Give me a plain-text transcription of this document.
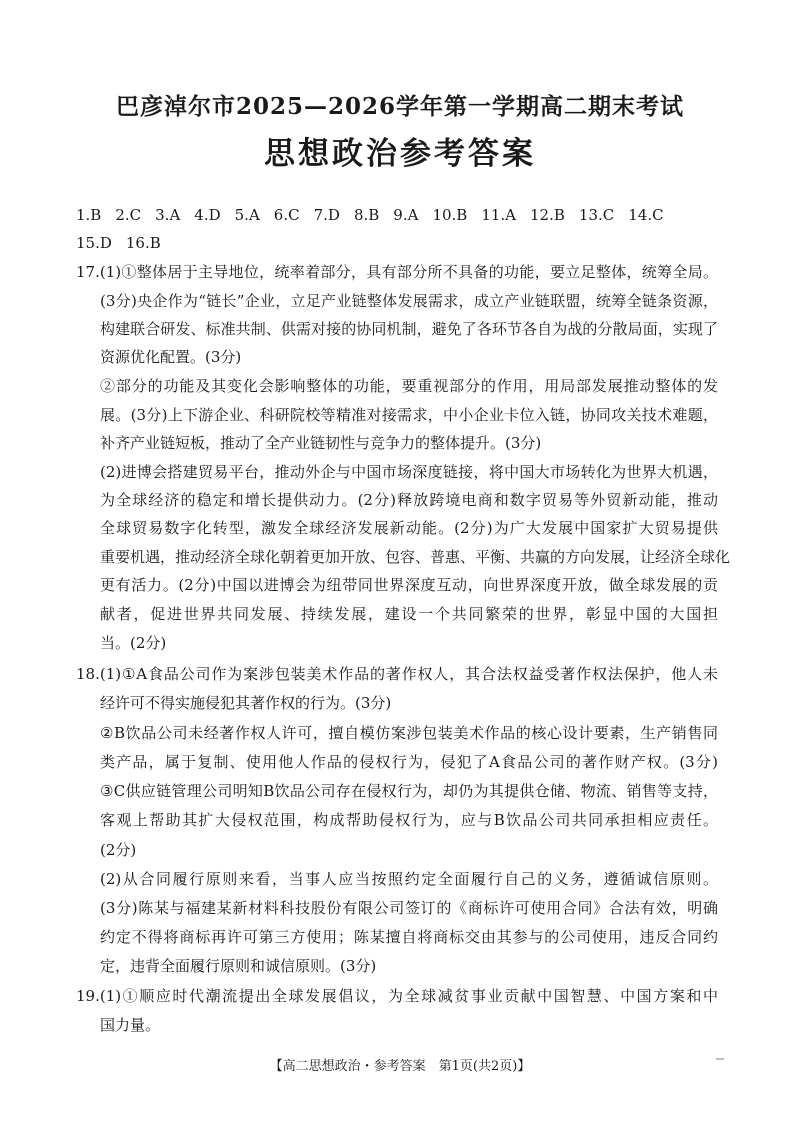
巴彦淖尔市2025—2026学年第一学期高二期末考试
思想政治参考答案
1.B 2.C 3.A 4.D 5.A 6.C 7.D 8.B 9.A 10.B 11.A 12.B 13.C 14.C
15.D 16.B
17.(1)①整体居于主导地位，统率着部分，具有部分所不具备的功能，要立足整体，统筹全局。
(3分)央企作为“链长”企业，立足产业链整体发展需求，成立产业链联盟，统筹全链条资源，
构建联合研发、标准共制、供需对接的协同机制，避免了各环节各自为战的分散局面，实现了
资源优化配置。(3分)
②部分的功能及其变化会影响整体的功能，要重视部分的作用，用局部发展推动整体的发
展。(3分)上下游企业、科研院校等精准对接需求，中小企业卡位入链，协同攻关技术难题，
补齐产业链短板，推动了全产业链韧性与竞争力的整体提升。(3分)
(2)进博会搭建贸易平台，推动外企与中国市场深度链接，将中国大市场转化为世界大机遇，
为全球经济的稳定和增长提供动力。(2分)释放跨境电商和数字贸易等外贸新动能，推动
全球贸易数字化转型，激发全球经济发展新动能。(2分)为广大发展中国家扩大贸易提供
重要机遇，推动经济全球化朝着更加开放、包容、普惠、平衡、共赢的方向发展，让经济全球化
更有活力。(2分)中国以进博会为纽带同世界深度互动，向世界深度开放，做全球发展的贡
献者，促进世界共同发展、持续发展，建设一个共同繁荣的世界，彰显中国的大国担
当。(2分)
18.(1)①A食品公司作为案涉包装美术作品的著作权人，其合法权益受著作权法保护，他人未
经许可不得实施侵犯其著作权的行为。(3分)
②B饮品公司未经著作权人许可，擅自模仿案涉包装美术作品的核心设计要素，生产销售同
类产品，属于复制、使用他人作品的侵权行为，侵犯了A食品公司的著作财产权。(3分)
③C供应链管理公司明知B饮品公司存在侵权行为，却仍为其提供仓储、物流、销售等支持，
客观上帮助其扩大侵权范围，构成帮助侵权行为，应与B饮品公司共同承担相应责任。
(2分)
(2)从合同履行原则来看，当事人应当按照约定全面履行自己的义务，遵循诚信原则。
(3分)陈某与福建某新材料科技股份有限公司签订的《商标许可使用合同》合法有效，明确
约定不得将商标再许可第三方使用；陈某擅自将商标交由其参与的公司使用，违反合同约
定，违背全面履行原则和诚信原则。(3分)
19.(1)①顺应时代潮流提出全球发展倡议，为全球减贫事业贡献中国智慧、中国方案和中
国力量。
【高二思想政治・参考答案　第1页(共2页)】
